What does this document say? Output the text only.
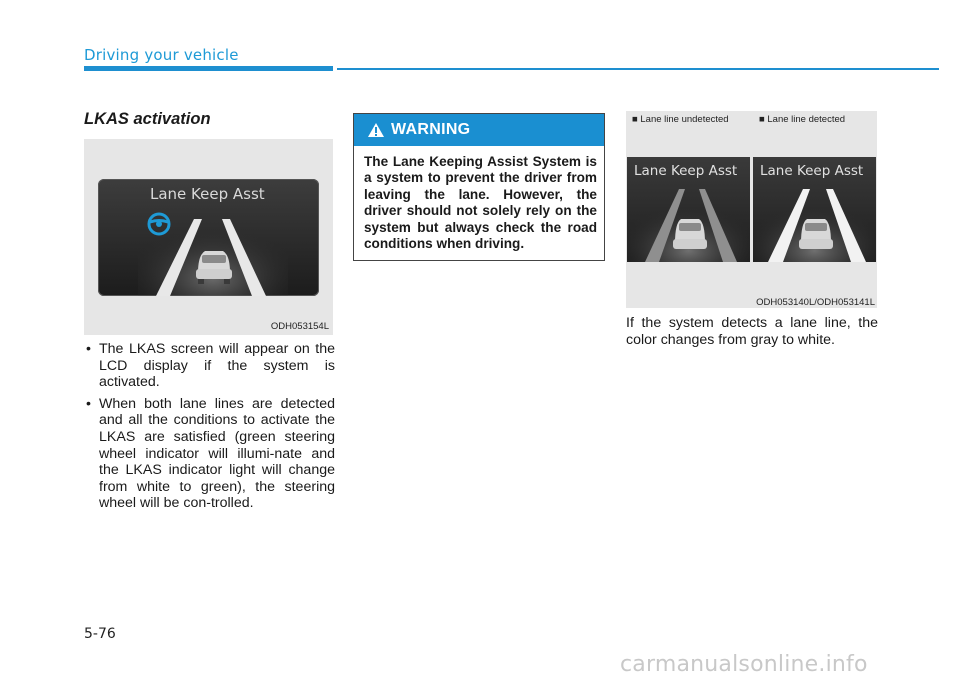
Driving your vehicle
LKAS activation
Lane Keep Asst
ODH053154L
• The LKAS screen will appear on the LCD display if the system is activated.
• When both lane lines are detected and all the conditions to activate the LKAS are satisfied (green steering wheel indicator will illumi-nate and the LKAS indicator light will change from white to green), the steering wheel will be con-trolled.
WARNING
The Lane Keeping Assist System is a system to prevent the driver from leaving the lane. However, the driver should not solely rely on the system but always check the road conditions when driving.
■ Lane line undetected	■ Lane line detected
Lane Keep Asst Lane Keep Asst
ODH053140L/ODH053141L
If the system detects a lane line, the color changes from gray to white.
5-76
carmanualsonline.info
